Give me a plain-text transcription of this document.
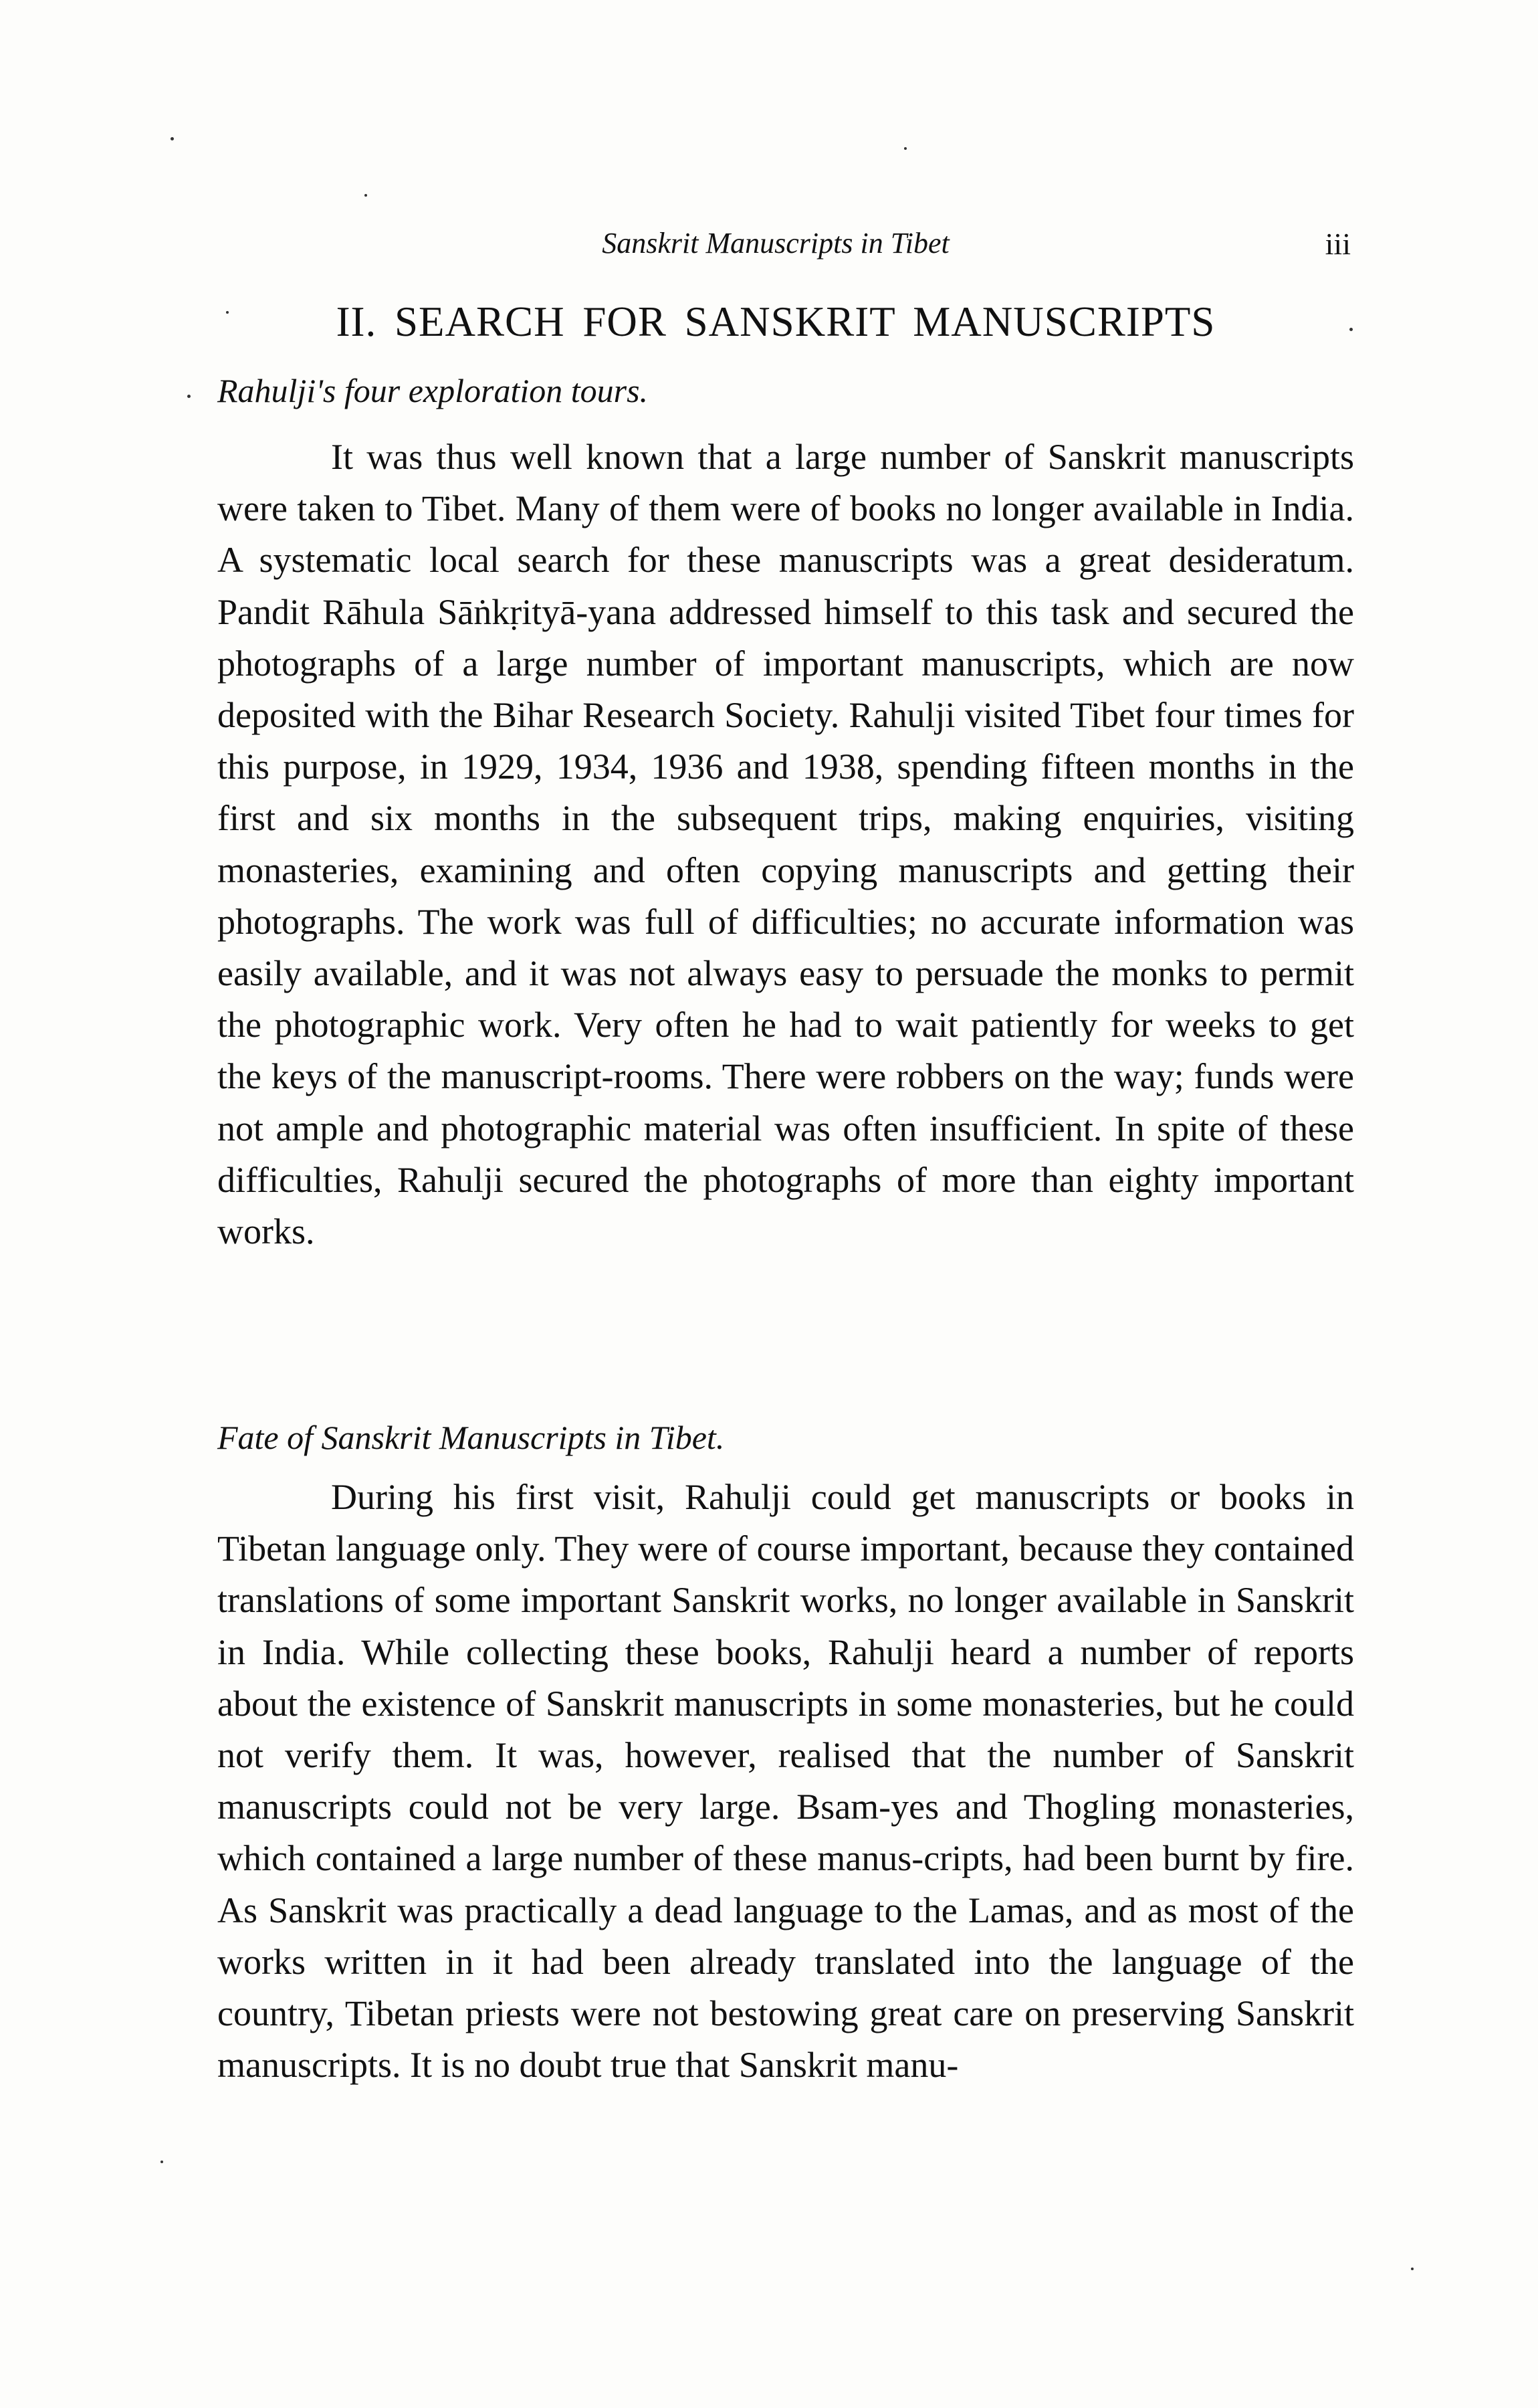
Sanskrit Manuscripts in Tibet	iii
II. SEARCH FOR SANSKRIT MANUSCRIPTS
Rahulji's four exploration tours.

It was thus well known that a large number of Sanskrit manuscripts were taken to Tibet. Many of them were of books no longer available in India. A systematic local search for these manuscripts was a great desideratum. Pandit Rāhula Sāṅkṛityā-yana addressed himself to this task and secured the photographs of a large number of important manuscripts, which are now deposited with the Bihar Research Society. Rahulji visited Tibet four times for this purpose, in 1929, 1934, 1936 and 1938, spending fifteen months in the first and six months in the subsequent trips, making enquiries, visiting monasteries, examining and often copying manuscripts and getting their photographs. The work was full of difficulties; no accurate information was easily available, and it was not always easy to persuade the monks to permit the photographic work. Very often he had to wait patiently for weeks to get the keys of the manuscript-rooms. There were robbers on the way; funds were not ample and photographic material was often insufficient. In spite of these difficulties, Rahulji secured the photographs of more than eighty important works.

Fate of Sanskrit Manuscripts in Tibet.

During his first visit, Rahulji could get manuscripts or books in Tibetan language only. They were of course important, because they contained translations of some important Sanskrit works, no longer available in Sanskrit in India. While collecting these books, Rahulji heard a number of reports about the existence of Sanskrit manuscripts in some monasteries, but he could not verify them. It was, however, realised that the number of Sanskrit manuscripts could not be very large. Bsam-yes and Thogling monasteries, which contained a large number of these manus-cripts, had been burnt by fire. As Sanskrit was practically a dead language to the Lamas, and as most of the works written in it had been already translated into the language of the country, Tibetan priests were not bestowing great care on preserving Sanskrit manuscripts. It is no doubt true that Sanskrit manu-
